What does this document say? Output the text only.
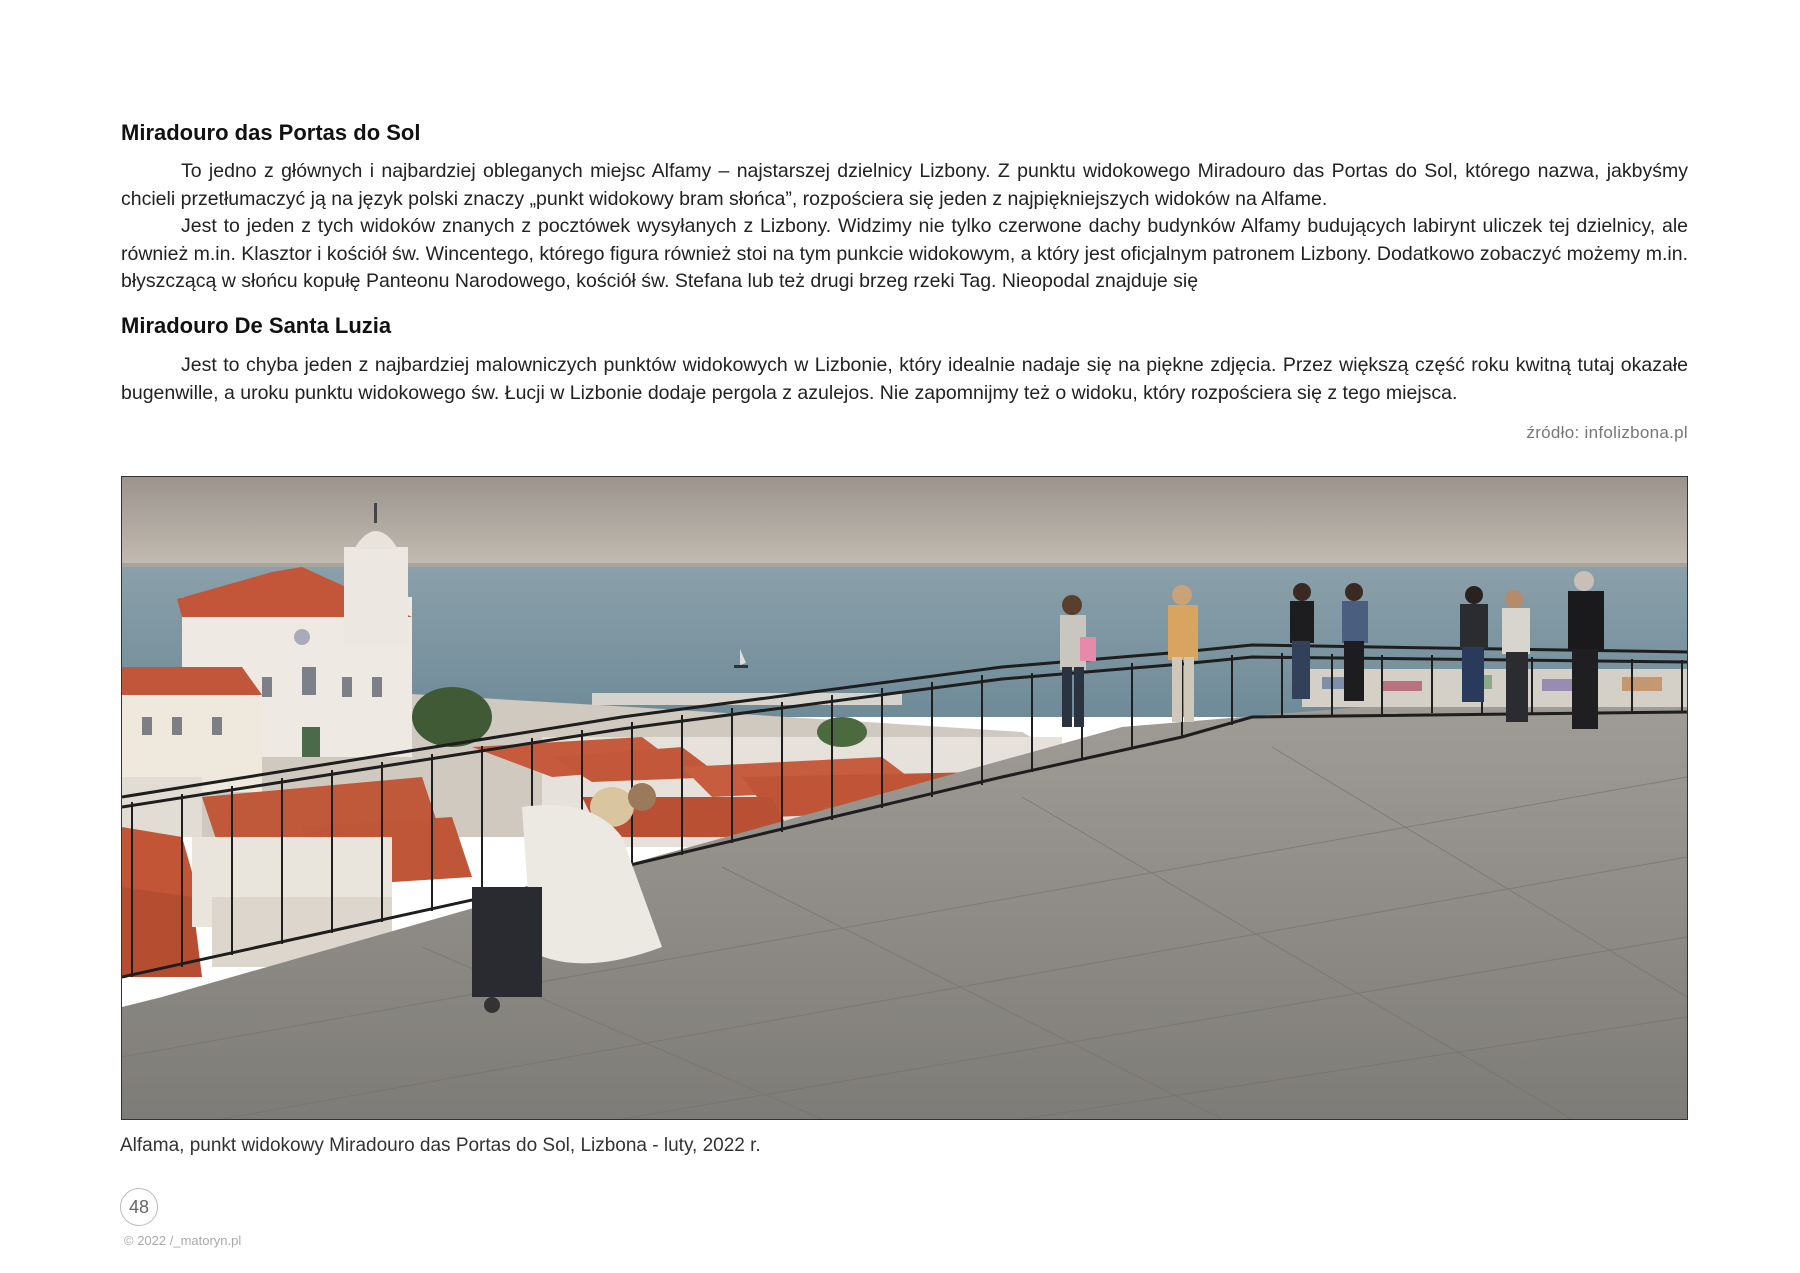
Miradouro das Portas do Sol

To jedno z głównych i najbardziej obleganych miejsc Alfamy – najstarszej dzielnicy Lizbony. Z punktu widokowego Miradouro das Portas do Sol, którego nazwa, jakbyśmy chcieli przetłumaczyć ją na język polski znaczy „punkt widokowy bram słońca”, rozpościera się jeden z najpiękniejszych widoków na Alfame.

Jest to jeden z tych widoków znanych z pocztówek wysyłanych z Lizbony. Widzimy nie tylko czerwone dachy budynków Alfamy budujących labirynt uliczek tej dzielnicy, ale również m.in. Klasztor i kościół św. Wincentego, którego figura również stoi na tym punkcie widokowym, a który jest oficjalnym patronem Lizbony. Dodatkowo zobaczyć możemy m.in. błyszczącą w słońcu kopułę Panteonu Narodowego, kościół św. Stefana lub też drugi brzeg rzeki Tag. Nieopodal znajduje się

Miradouro De Santa Luzia

Jest to chyba jeden z najbardziej malowniczych punktów widokowych w Lizbonie, który idealnie nadaje się na piękne zdjęcia. Przez większą część roku kwitną tutaj okazałe bugenwille, a uroku punktu widokowego św. Łucji w Lizbonie dodaje pergola z azulejos. Nie zapomnijmy też o widoku, który rozpościera się z tego miejsca.

źródło: infolizbona.pl
Alfama, punkt widokowy Miradouro das Portas do Sol, Lizbona - luty, 2022 r.
48
© 2022 /_matoryn.pl
